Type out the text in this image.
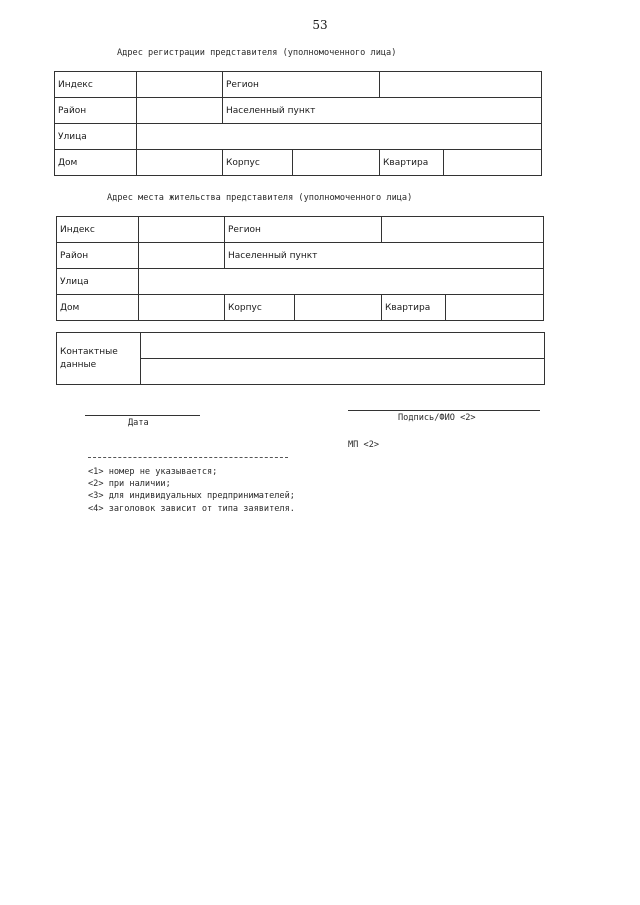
53
Адрес регистрации представителя (уполномоченного лица)
Индекс		Регион			
Район		Населенный пункт			
Улица					
Дом		Корпус		Квартира	
Адрес места жительства представителя (уполномоченного лица)
Индекс		Регион			
Район		Населенный пункт			
Улица					
Дом		Корпус		Квартира	
Контактные данные	

Дата	Подпись/ФИО <2>
МП <2>
<1> номер не указывается;
<2> при наличии;
<3> для индивидуальных предпринимателей;
<4> заголовок зависит от типа заявителя.
